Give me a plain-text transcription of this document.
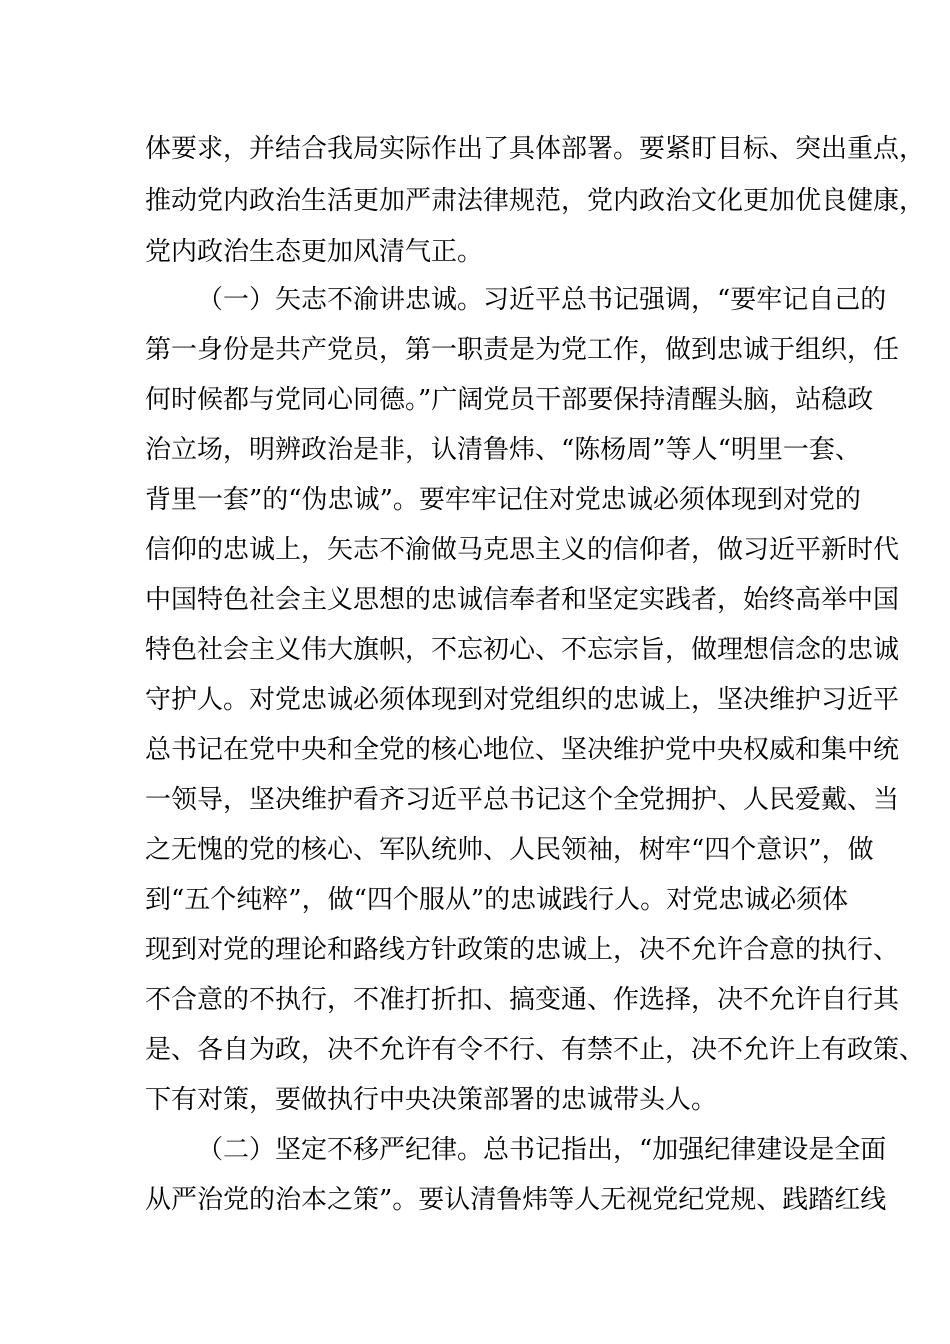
体要求，并结合我局实际作出了具体部署。要紧盯目标、突出重点，
推动党内政治生活更加严肃法律规范，党内政治文化更加优良健康，
党内政治生态更加风清气正。
（一）矢志不渝讲忠诚。习近平总书记强调，“要牢记自己的
第一身份是共产党员，第一职责是为党工作，做到忠诚于组织，任
何时候都与党同心同德。”广阔党员干部要保持清醒头脑，站稳政
治立场，明辨政治是非，认清鲁炜、“陈杨周”等人“明里一套、
背里一套”的“伪忠诚”。要牢牢记住对党忠诚必须体现到对党的
信仰的忠诚上，矢志不渝做马克思主义的信仰者，做习近平新时代
中国特色社会主义思想的忠诚信奉者和坚定实践者，始终高举中国
特色社会主义伟大旗帜，不忘初心、不忘宗旨，做理想信念的忠诚
守护人。对党忠诚必须体现到对党组织的忠诚上，坚决维护习近平
总书记在党中央和全党的核心地位、坚决维护党中央权威和集中统
一领导，坚决维护看齐习近平总书记这个全党拥护、人民爱戴、当
之无愧的党的核心、军队统帅、人民领袖，树牢“四个意识”，做
到“五个纯粹”，做“四个服从”的忠诚践行人。对党忠诚必须体
现到对党的理论和路线方针政策的忠诚上，决不允许合意的执行、
不合意的不执行，不准打折扣、搞变通、作选择，决不允许自行其
是、各自为政，决不允许有令不行、有禁不止，决不允许上有政策、
下有对策，要做执行中央决策部署的忠诚带头人。
（二）坚定不移严纪律。总书记指出，“加强纪律建设是全面
从严治党的治本之策”。要认清鲁炜等人无视党纪党规、践踏红线
